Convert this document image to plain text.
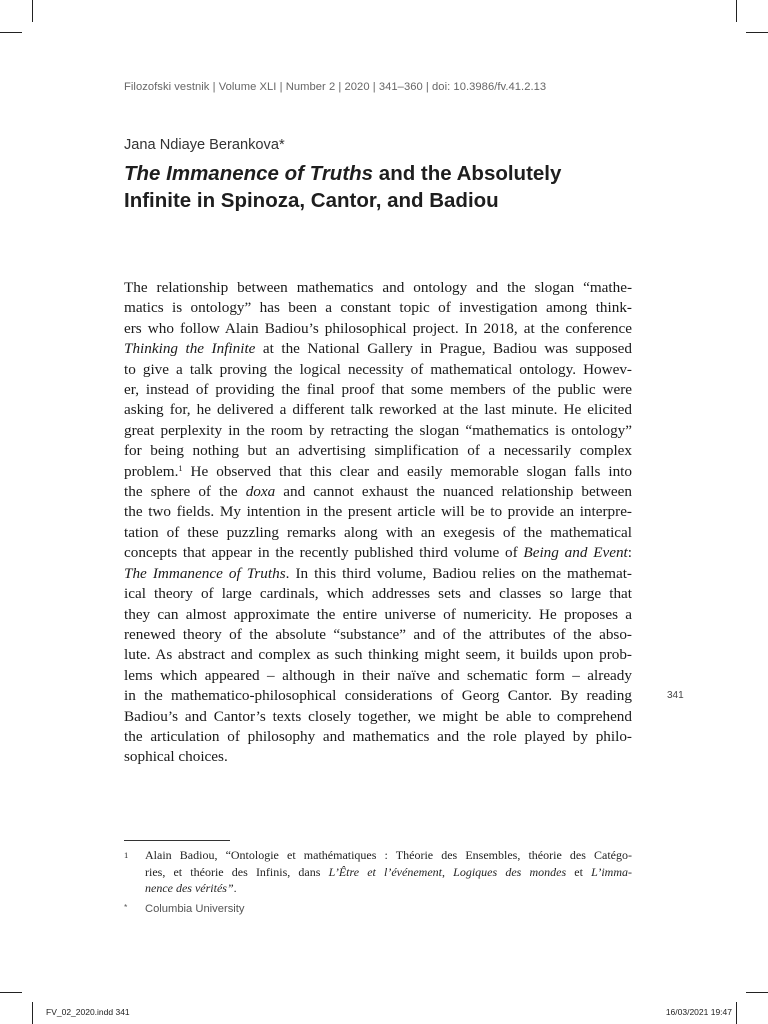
Filozofski vestnik | Volume XLI | Number 2 | 2020 | 341–360 | doi: 10.3986/fv.41.2.13
Jana Ndiaye Berankova*
The Immanence of Truths and the Absolutely
Infinite in Spinoza, Cantor, and Badiou
The relationship between mathematics and ontology and the slogan “mathe-
matics is ontology” has been a constant topic of investigation among think-
ers who follow Alain Badiou’s philosophical project. In 2018, at the conference
Thinking the Infinite at the National Gallery in Prague, Badiou was supposed
to give a talk proving the logical necessity of mathematical ontology. Howev-
er, instead of providing the final proof that some members of the public were
asking for, he delivered a different talk reworked at the last minute. He elicited
great perplexity in the room by retracting the slogan “mathematics is ontology”
for being nothing but an advertising simplification of a necessarily complex
problem.$^1$ He observed that this clear and easily memorable slogan falls into
the sphere of the doxa and cannot exhaust the nuanced relationship between
the two fields. My intention in the present article will be to provide an interpre-
tation of these puzzling remarks along with an exegesis of the mathematical
concepts that appear in the recently published third volume of Being and Event:
The Immanence of Truths. In this third volume, Badiou relies on the mathemat-
ical theory of large cardinals, which addresses sets and classes so large that
they can almost approximate the entire universe of numericity. He proposes a
renewed theory of the absolute “substance” and of the attributes of the abso-
lute. As abstract and complex as such thinking might seem, it builds upon prob-
lems which appeared – although in their naïve and schematic form – already
in the mathematico-philosophical considerations of Georg Cantor. By reading
Badiou’s and Cantor’s texts closely together, we might be able to comprehend
the articulation of philosophy and mathematics and the role played by philo-
sophical choices.
341
1 Alain Badiou, “Ontologie et mathématiques : Théorie des Ensembles, théorie des Catégo-
ries, et théorie des Infinis, dans L’Être et l’événement, Logiques des mondes et L’imma-
nence des vérités”.
* Columbia University
FV_02_2020.indd 341	16/03/2021 19:47
